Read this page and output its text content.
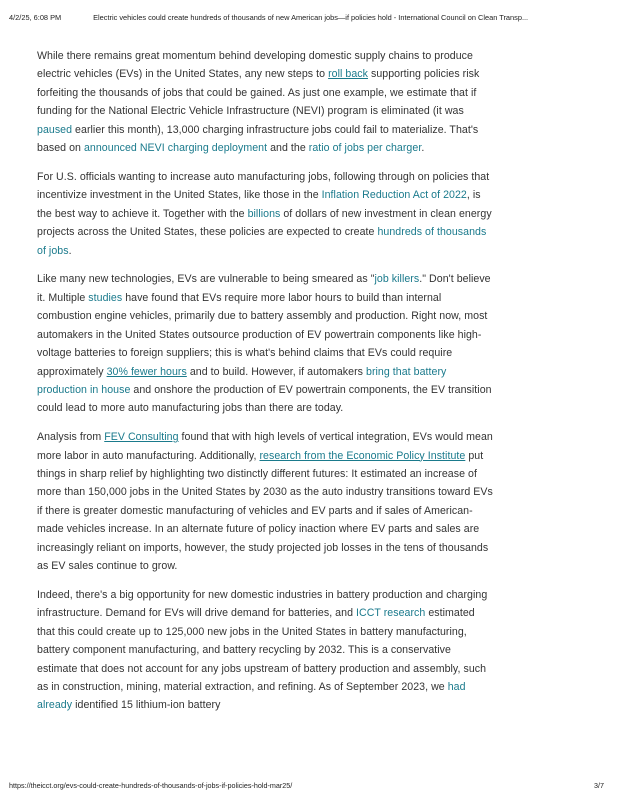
4/2/25, 6:08 PM	Electric vehicles could create hundreds of thousands of new American jobs—if policies hold - International Council on Clean Transp...

While there remains great momentum behind developing domestic supply chains to produce electric vehicles (EVs) in the United States, any new steps to roll back supporting policies risk forfeiting the thousands of jobs that could be gained. As just one example, we estimate that if funding for the National Electric Vehicle Infrastructure (NEVI) program is eliminated (it was paused earlier this month), 13,000 charging infrastructure jobs could fail to materialize. That's based on announced NEVI charging deployment and the ratio of jobs per charger.

For U.S. officials wanting to increase auto manufacturing jobs, following through on policies that incentivize investment in the United States, like those in the Inflation Reduction Act of 2022, is the best way to achieve it. Together with the billions of dollars of new investment in clean energy projects across the United States, these policies are expected to create hundreds of thousands of jobs.

Like many new technologies, EVs are vulnerable to being smeared as "job killers." Don't believe it. Multiple studies have found that EVs require more labor hours to build than internal combustion engine vehicles, primarily due to battery assembly and production. Right now, most automakers in the United States outsource production of EV powertrain components like high-voltage batteries to foreign suppliers; this is what's behind claims that EVs could require approximately 30% fewer hours and to build. However, if automakers bring that battery production in house and onshore the production of EV powertrain components, the EV transition could lead to more auto manufacturing jobs than there are today.

Analysis from FEV Consulting found that with high levels of vertical integration, EVs would mean more labor in auto manufacturing. Additionally, research from the Economic Policy Institute put things in sharp relief by highlighting two distinctly different futures: It estimated an increase of more than 150,000 jobs in the United States by 2030 as the auto industry transitions toward EVs if there is greater domestic manufacturing of vehicles and EV parts and if sales of American-made vehicles increase. In an alternate future of policy inaction where EV parts and sales are increasingly reliant on imports, however, the study projected job losses in the tens of thousands as EV sales continue to grow.

Indeed, there's a big opportunity for new domestic industries in battery production and charging infrastructure. Demand for EVs will drive demand for batteries, and ICCT research estimated that this could create up to 125,000 new jobs in the United States in battery manufacturing, battery component manufacturing, and battery recycling by 2032. This is a conservative estimate that does not account for any jobs upstream of battery production and assembly, such as in construction, mining, material extraction, and refining. As of September 2023, we had already identified 15 lithium-ion battery

https://theicct.org/evs-could-create-hundreds-of-thousands-of-jobs-if-policies-hold-mar25/	3/7
